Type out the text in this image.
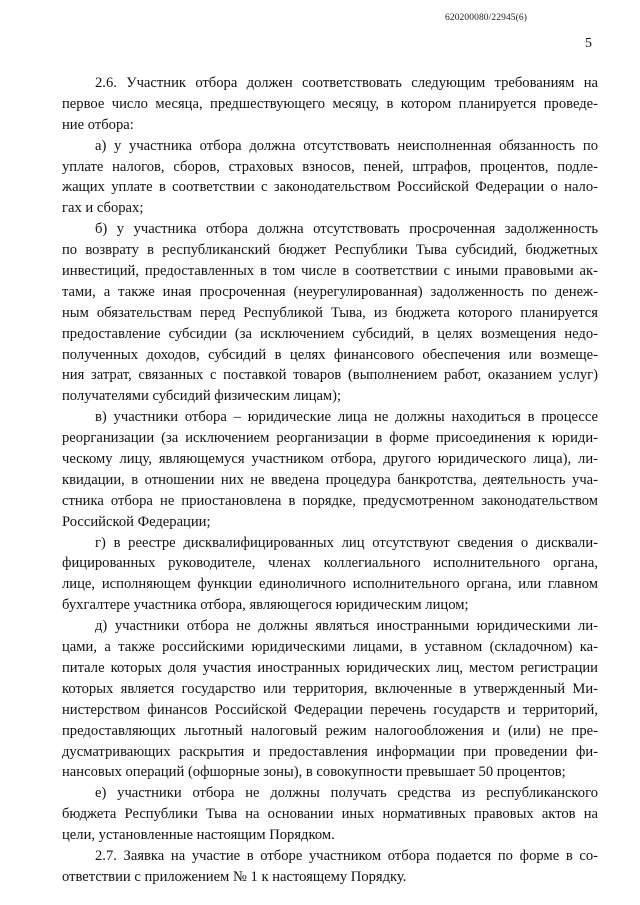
620200080/22945(6)
5
2.6. Участник отбора должен соответствовать следующим требованиям на
первое число месяца, предшествующего месяцу, в котором планируется проведе-
ние отбора:
а) у участника отбора должна отсутствовать неисполненная обязанность по
уплате налогов, сборов, страховых взносов, пеней, штрафов, процентов, подле-
жащих уплате в соответствии с законодательством Российской Федерации о нало-
гах и сборах;
б) у участника отбора должна отсутствовать просроченная задолженность
по возврату в республиканский бюджет Республики Тыва субсидий, бюджетных
инвестиций, предоставленных в том числе в соответствии с иными правовыми ак-
тами, а также иная просроченная (неурегулированная) задолженность по денеж-
ным обязательствам перед Республикой Тыва, из бюджета которого планируется
предоставление субсидии (за исключением субсидий, в целях возмещения недо-
полученных доходов, субсидий в целях финансового обеспечения или возмеще-
ния затрат, связанных с поставкой товаров (выполнением работ, оказанием услуг)
получателями субсидий физическим лицам);
в) участники отбора – юридические лица не должны находиться в процессе
реорганизации (за исключением реорганизации в форме присоединения к юриди-
ческому лицу, являющемуся участником отбора, другого юридического лица), ли-
квидации, в отношении них не введена процедура банкротства, деятельность уча-
стника отбора не приостановлена в порядке, предусмотренном законодательством
Российской Федерации;
г) в реестре дисквалифицированных лиц отсутствуют сведения о дисквали-
фицированных руководителе, членах коллегиального исполнительного органа,
лице, исполняющем функции единоличного исполнительного органа, или главном
бухгалтере участника отбора, являющегося юридическим лицом;
д) участники отбора не должны являться иностранными юридическими ли-
цами, а также российскими юридическими лицами, в уставном (складочном) ка-
питале которых доля участия иностранных юридических лиц, местом регистрации
которых является государство или территория, включенные в утвержденный Ми-
нистерством финансов Российской Федерации перечень государств и территорий,
предоставляющих льготный налоговый режим налогообложения и (или) не пре-
дусматривающих раскрытия и предоставления информации при проведении фи-
нансовых операций (офшорные зоны), в совокупности превышает 50 процентов;
е) участники отбора не должны получать средства из республиканского
бюджета Республики Тыва на основании иных нормативных правовых актов на
цели, установленные настоящим Порядком.
2.7. Заявка на участие в отборе участником отбора подается по форме в со-
ответствии с приложением № 1 к настоящему Порядку.
